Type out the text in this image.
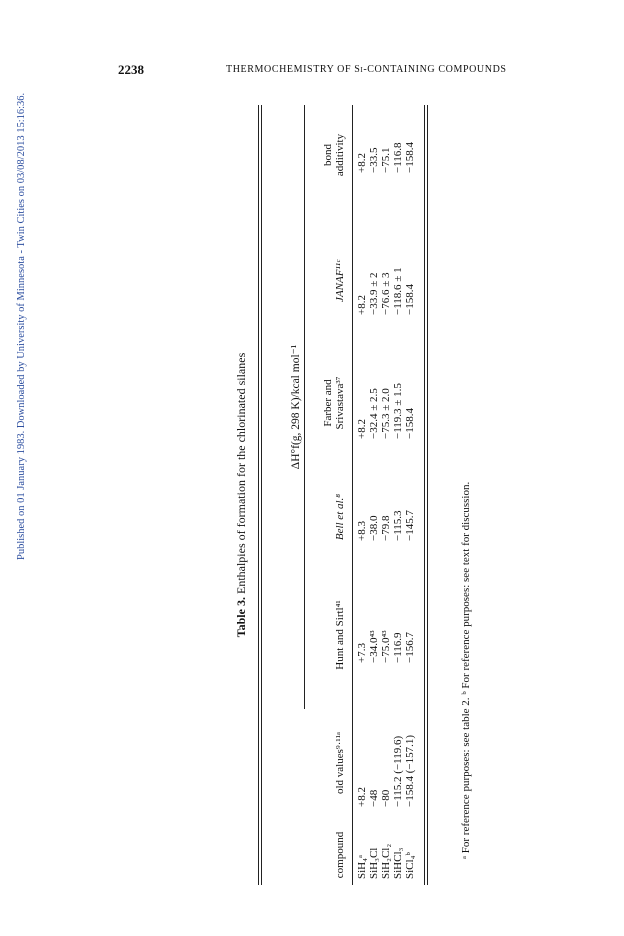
Published on 01 January 1983. Downloaded by University of Minnesota - Twin Cities on 03/08/2013 15:16:36.
2238	THERMOCHEMISTRY OF Si-CONTAINING COMPOUNDS
Table 3. Enthalpies of formation for the chlorinated silanes	ΔH°f(g, 298 K)/kcal mol⁻¹
compound
old values⁹·¹¹ᵃ
Hunt and Sirtl⁴¹
Bell et al.⁸
Farber and Srivastava³⁷
JANAF¹¹ᶜ
bond additivity
SiH₄ᵃ
+8.2
+7.3
+8.3
+8.2
+8.2
+8.2
SiH₃Cl
−48
−34.0⁴³
−38.0
−32.4 ± 2.5
−33.9 ± 2
−33.5
SiH₂Cl₂
−80
−75.0⁴³
−79.8
−75.3 ± 2.0
−76.6 ± 3
−75.1
SiHCl₃
−115.2 (−119.6)
−116.9
−115.3
−119.3 ± 1.5
−118.6 ± 1
−116.8
SiCl₄ᵇ
−158.4 (−157.1)
−156.7
−145.7
−158.4
−158.4
−158.4
ᵃ For reference purposes: see table 2. ᵇ For reference purposes: see text for discussion.
